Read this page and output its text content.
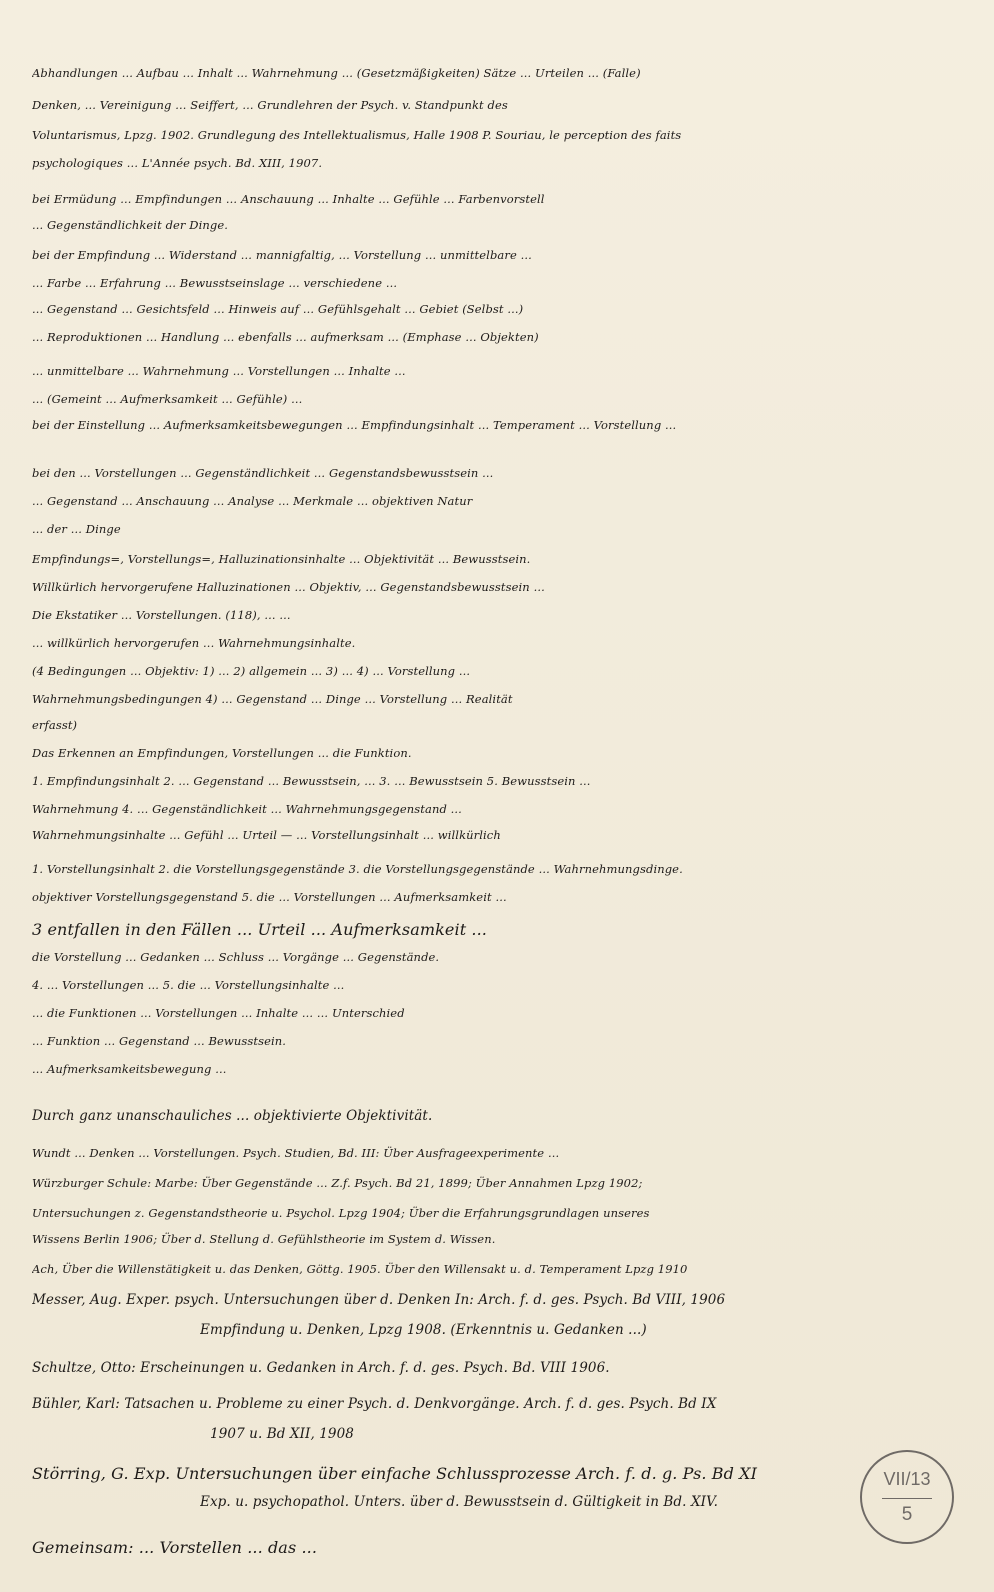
Abhandlungen ... Aufbau ... Inhalt ... Wahrnehmung ... (Gesetzmäßigkeiten) Sätze ... Urteilen ... (Falle)
Denken, ... Vereinigung ... Seiffert, ... Grundlehren der Psych. v. Standpunkt des
Voluntarismus, Lpzg. 1902. Grundlegung des Intellektualismus, Halle 1908 P. Souriau, le perception des faits
psychologiques ... L'Année psych. Bd. XIII, 1907.
bei Ermüdung ... Empfindungen ... Anschauung ... Inhalte ... Gefühle ... Farbenvorstell
... Gegenständlichkeit der Dinge.
bei der Empfindung ... Widerstand ... mannigfaltig, ... Vorstellung ... unmittelbare ...
... Farbe ... Erfahrung ... Bewusstseinslage ... verschiedene ...
... Gegenstand ... Gesichtsfeld ... Hinweis auf ... Gefühlsgehalt ... Gebiet (Selbst ...)
... Reproduktionen ... Handlung ... ebenfalls ... aufmerksam ... (Emphase ... Objekten)
... unmittelbare ... Wahrnehmung ... Vorstellungen ... Inhalte ...
... (Gemeint ... Aufmerksamkeit ... Gefühle) ...
bei der Einstellung ... Aufmerksamkeitsbewegungen ... Empfindungsinhalt ... Temperament ... Vorstellung ...
bei den ... Vorstellungen ... Gegenständlichkeit ... Gegenstandsbewusstsein ...
... Gegenstand ... Anschauung ... Analyse ... Merkmale ... objektiven Natur
... der ... Dinge
Empfindungs=, Vorstellungs=, Halluzinationsinhalte ... Objektivität ... Bewusstsein.
Willkürlich hervorgerufene Halluzinationen ... Objektiv, ... Gegenstandsbewusstsein ...
Die Ekstatiker ... Vorstellungen. (118), ... ...
... willkürlich hervorgerufen ... Wahrnehmungsinhalte.
(4 Bedingungen ... Objektiv: 1) ... 2) allgemein ... 3) ... 4) ... Vorstellung ...
Wahrnehmungsbedingungen 4) ... Gegenstand ... Dinge ... Vorstellung ... Realität
erfasst)
Das Erkennen an Empfindungen, Vorstellungen ... die Funktion.
1. Empfindungsinhalt 2. ... Gegenstand ... Bewusstsein, ... 3. ... Bewusstsein 5. Bewusstsein ...
Wahrnehmung 4. ... Gegenständlichkeit ... Wahrnehmungsgegenstand ...
Wahrnehmungsinhalte ... Gefühl ... Urteil — ... Vorstellungsinhalt ... willkürlich
1. Vorstellungsinhalt 2. die Vorstellungsgegenstände 3. die Vorstellungsgegenstände ... Wahrnehmungsdinge.
objektiver Vorstellungsgegenstand 5. die ... Vorstellungen ... Aufmerksamkeit ...
3 entfallen in den Fällen ... Urteil ... Aufmerksamkeit ...
die Vorstellung ... Gedanken ... Schluss ... Vorgänge ... Gegenstände.
4. ... Vorstellungen ... 5. die ... Vorstellungsinhalte ...
... die Funktionen ... Vorstellungen ... Inhalte ... ... Unterschied
... Funktion ... Gegenstand ... Bewusstsein.
... Aufmerksamkeitsbewegung ...
Durch ganz unanschauliches ... objektivierte Objektivität.
Wundt ... Denken ... Vorstellungen. Psych. Studien, Bd. III: Über Ausfrageexperimente ...
Würzburger Schule: Marbe: Über Gegenstände ... Z.f. Psych. Bd 21, 1899; Über Annahmen Lpzg 1902;
Untersuchungen z. Gegenstandstheorie u. Psychol. Lpzg 1904; Über die Erfahrungsgrundlagen unseres
Wissens Berlin 1906; Über d. Stellung d. Gefühlstheorie im System d. Wissen.
Ach, Über die Willenstätigkeit u. das Denken, Göttg. 1905. Über den Willensakt u. d. Temperament Lpzg 1910
Messer, Aug. Exper. psych. Untersuchungen über d. Denken In: Arch. f. d. ges. Psych. Bd VIII, 1906
Empfindung u. Denken, Lpzg 1908. (Erkenntnis u. Gedanken ...)
Schultze, Otto: Erscheinungen u. Gedanken in Arch. f. d. ges. Psych. Bd. VIII 1906.
Bühler, Karl: Tatsachen u. Probleme zu einer Psych. d. Denkvorgänge. Arch. f. d. ges. Psych. Bd IX
1907 u. Bd XII, 1908
Störring, G. Exp. Untersuchungen über einfache Schlussprozesse Arch. f. d. g. Ps. Bd XI
Exp. u. psychopathol. Unters. über d. Bewusstsein d. Gültigkeit in Bd. XIV.
Gemeinsam: ... Vorstellen ... das ...
VII/13
5
